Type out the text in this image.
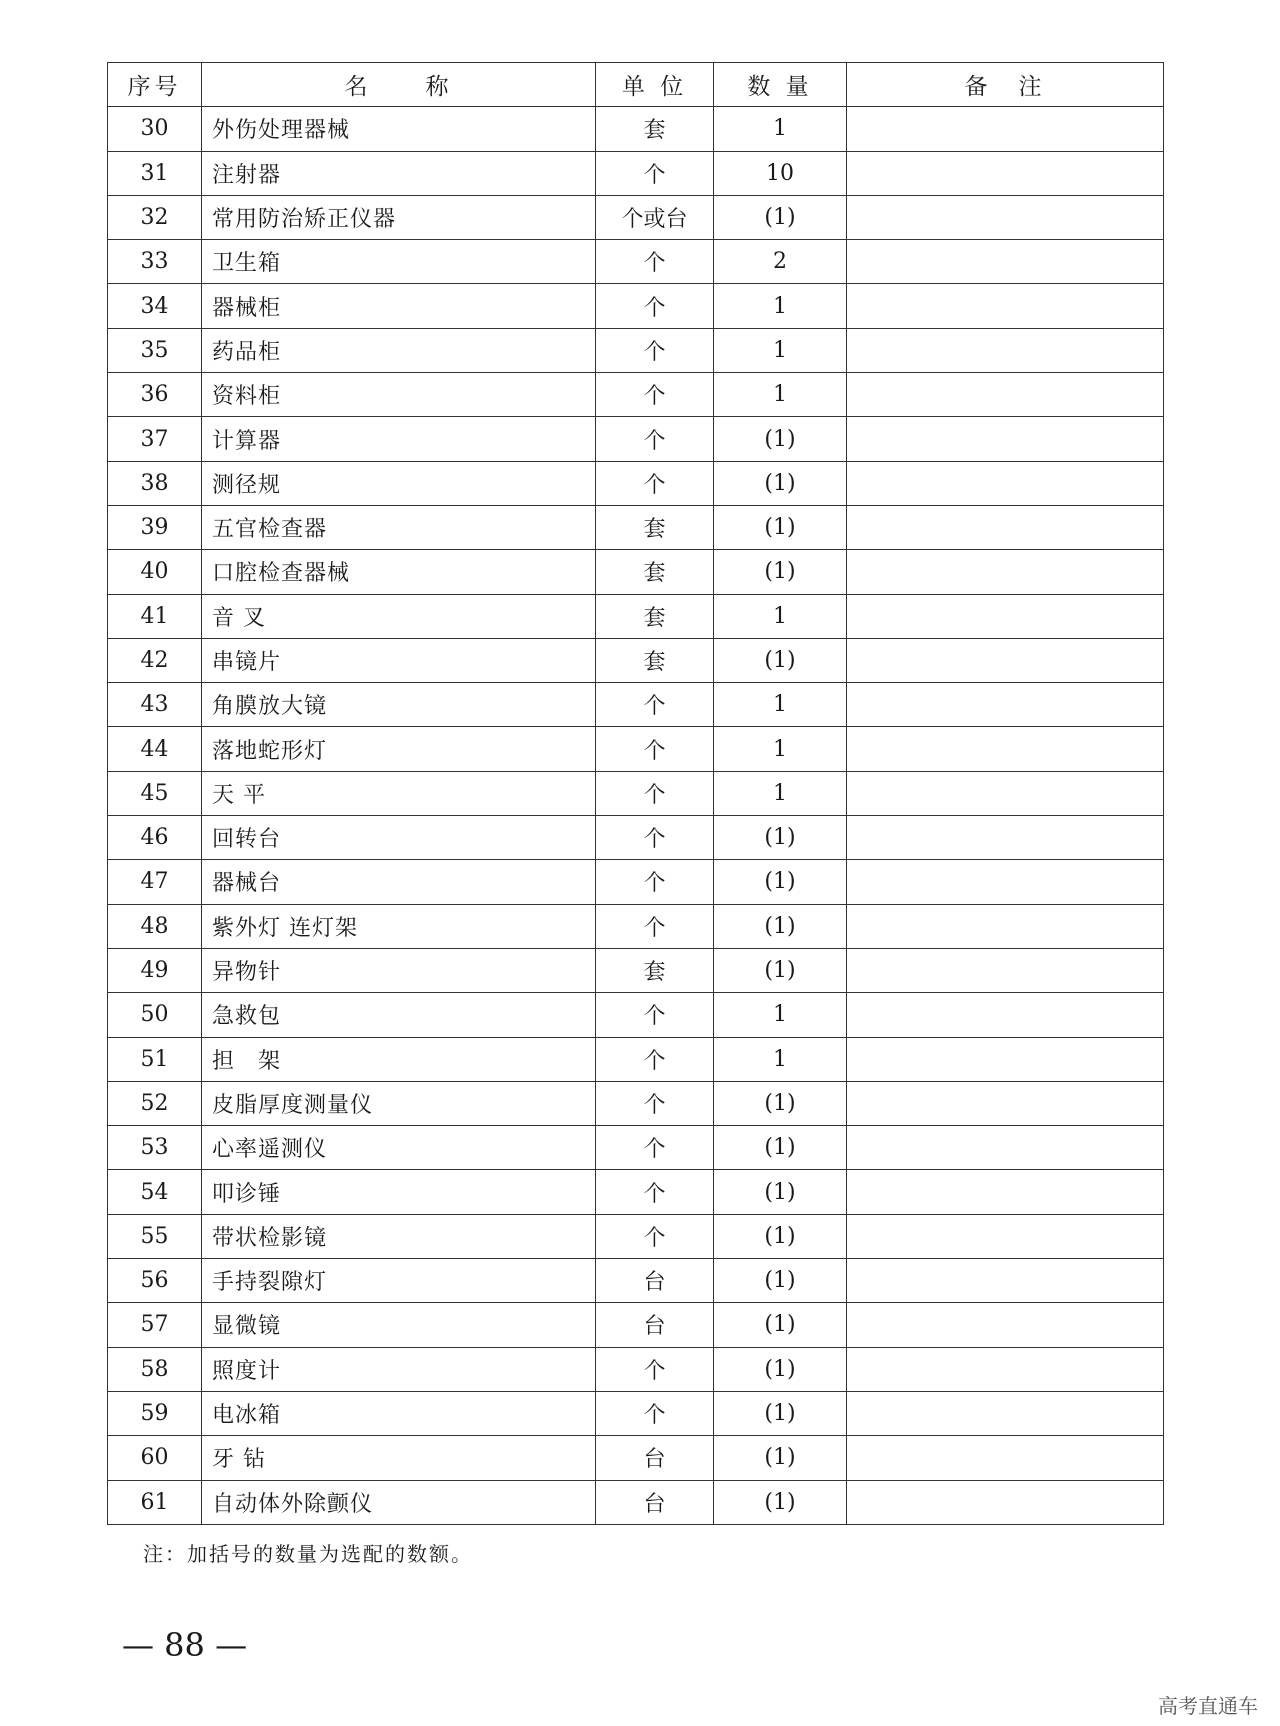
序号	名　　称	单 位	数 量	备　注
30	外伤处理器械	套	1	
31	注射器	个	10	
32	常用防治矫正仪器	个或台	(1)	
33	卫生箱	个	2	
34	器械柜	个	1	
35	药品柜	个	1	
36	资料柜	个	1	
37	计算器	个	(1)	
38	测径规	个	(1)	
39	五官检查器	套	(1)	
40	口腔检查器械	套	(1)	
41	音 叉	套	1	
42	串镜片	套	(1)	
43	角膜放大镜	个	1	
44	落地蛇形灯	个	1	
45	天 平	个	1	
46	回转台	个	(1)	
47	器械台	个	(1)	
48	紫外灯 连灯架	个	(1)	
49	异物针	套	(1)	
50	急救包	个	1	
51	担　架	个	1	
52	皮脂厚度测量仪	个	(1)	
53	心率遥测仪	个	(1)	
54	叩诊锤	个	(1)	
55	带状检影镜	个	(1)	
56	手持裂隙灯	台	(1)	
57	显微镜	台	(1)	
58	照度计	个	(1)	
59	电冰箱	个	(1)	
60	牙 钻	台	(1)	
61	自动体外除颤仪	台	(1)	
注：加括号的数量为选配的数额。
— 88 —
高考直通车
